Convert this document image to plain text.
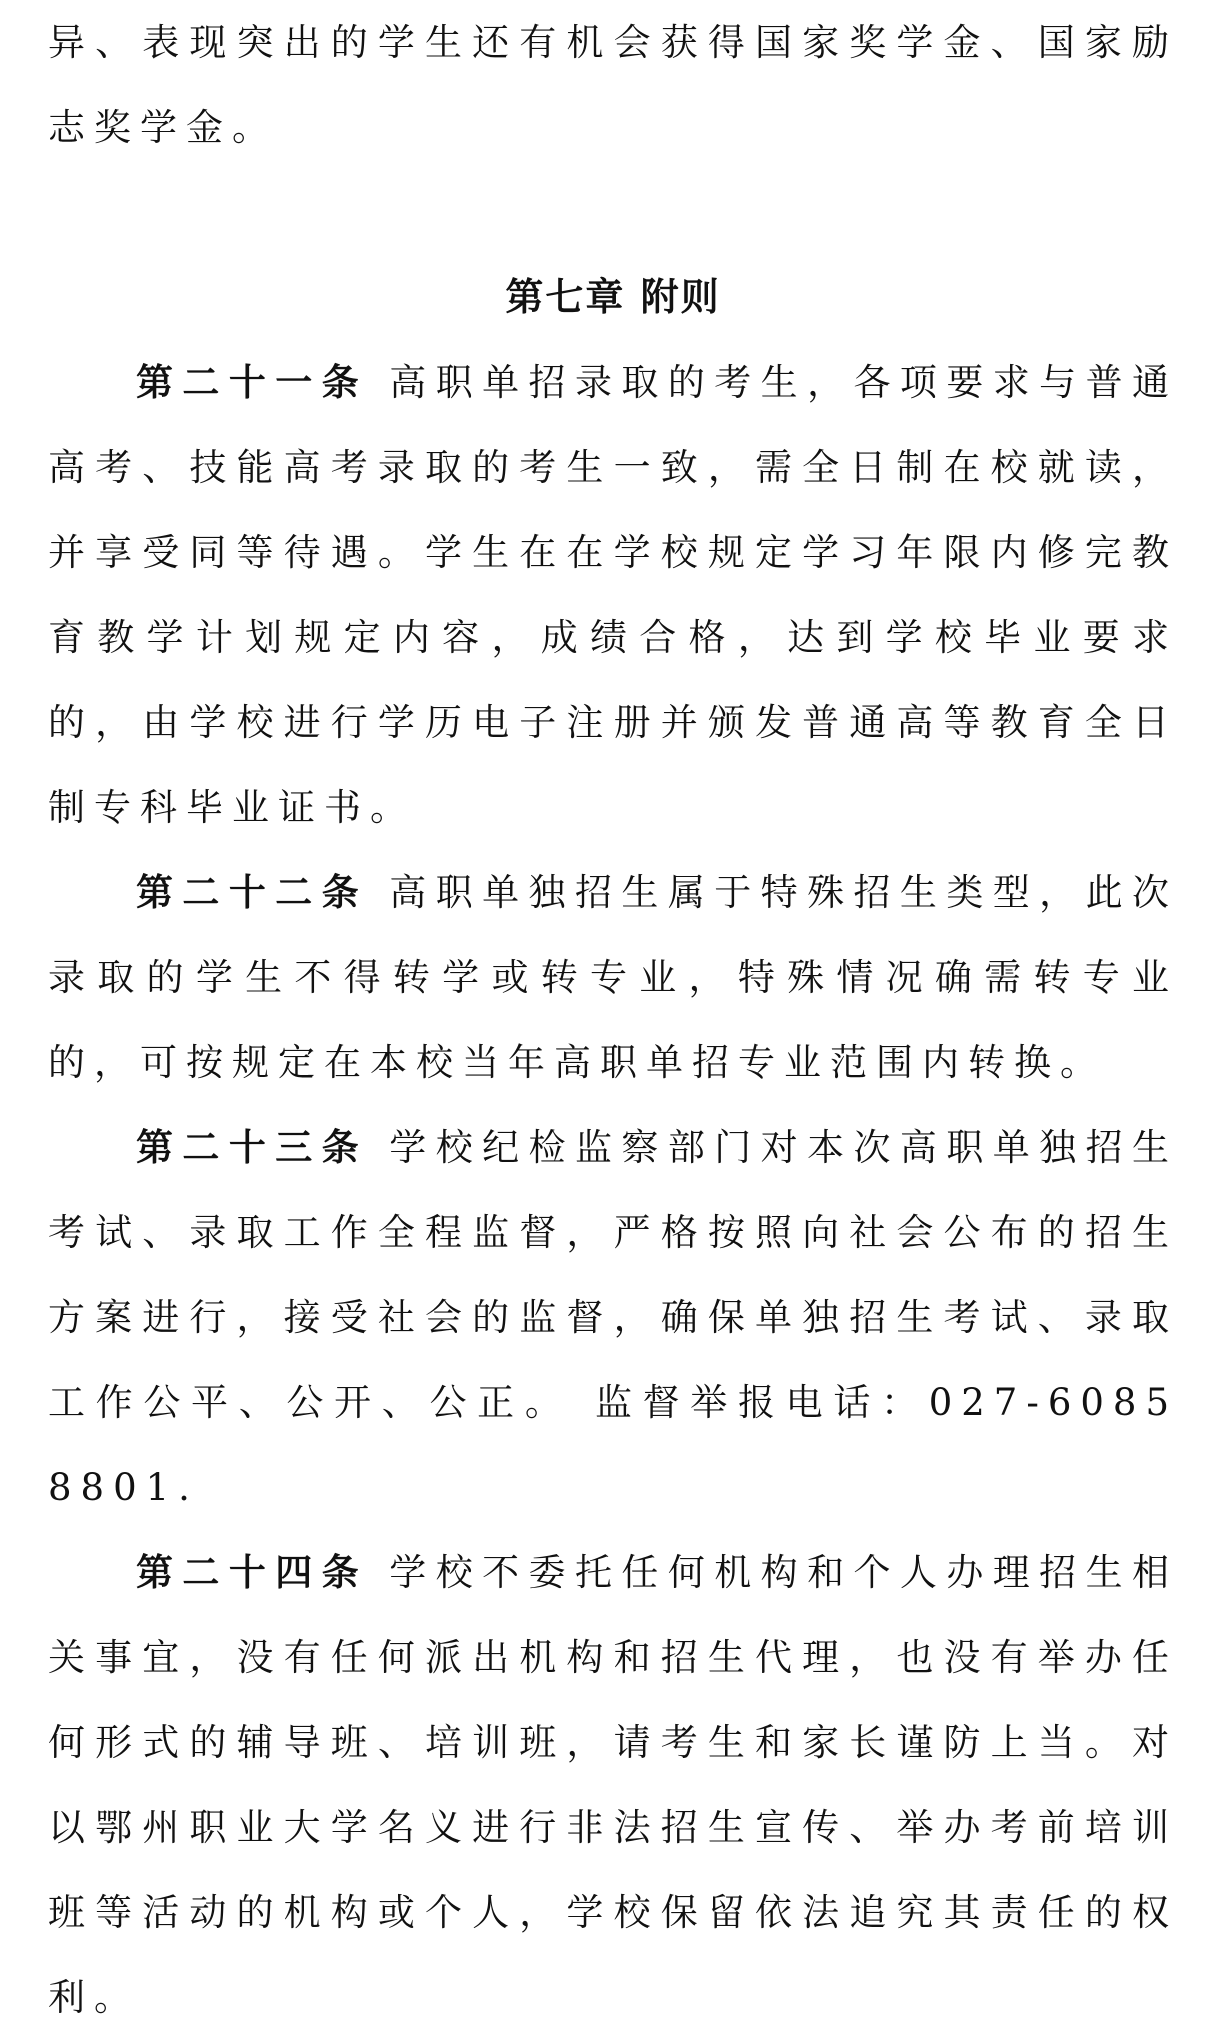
异、表现突出的学生还有机会获得国家奖学金、国家励志奖学金。

第七章 附则

第二十一条 高职单招录取的考生，各项要求与普通高考、技能高考录取的考生一致，需全日制在校就读，并享受同等待遇。学生在在学校规定学习年限内修完教育教学计划规定内容，成绩合格，达到学校毕业要求的，由学校进行学历电子注册并颁发普通高等教育全日制专科毕业证书。

第二十二条 高职单独招生属于特殊招生类型，此次录取的学生不得转学或转专业，特殊情况确需转专业的，可按规定在本校当年高职单招专业范围内转换。

第二十三条 学校纪检监察部门对本次高职单独招生考试、录取工作全程监督，严格按照向社会公布的招生方案进行，接受社会的监督，确保单独招生考试、录取工作公平、公开、公正。 监督举报电话：027-60858801.

第二十四条 学校不委托任何机构和个人办理招生相关事宜，没有任何派出机构和招生代理，也没有举办任何形式的辅导班、培训班，请考生和家长谨防上当。对以鄂州职业大学名义进行非法招生宣传、举办考前培训班等活动的机构或个人，学校保留依法追究其责任的权利。
